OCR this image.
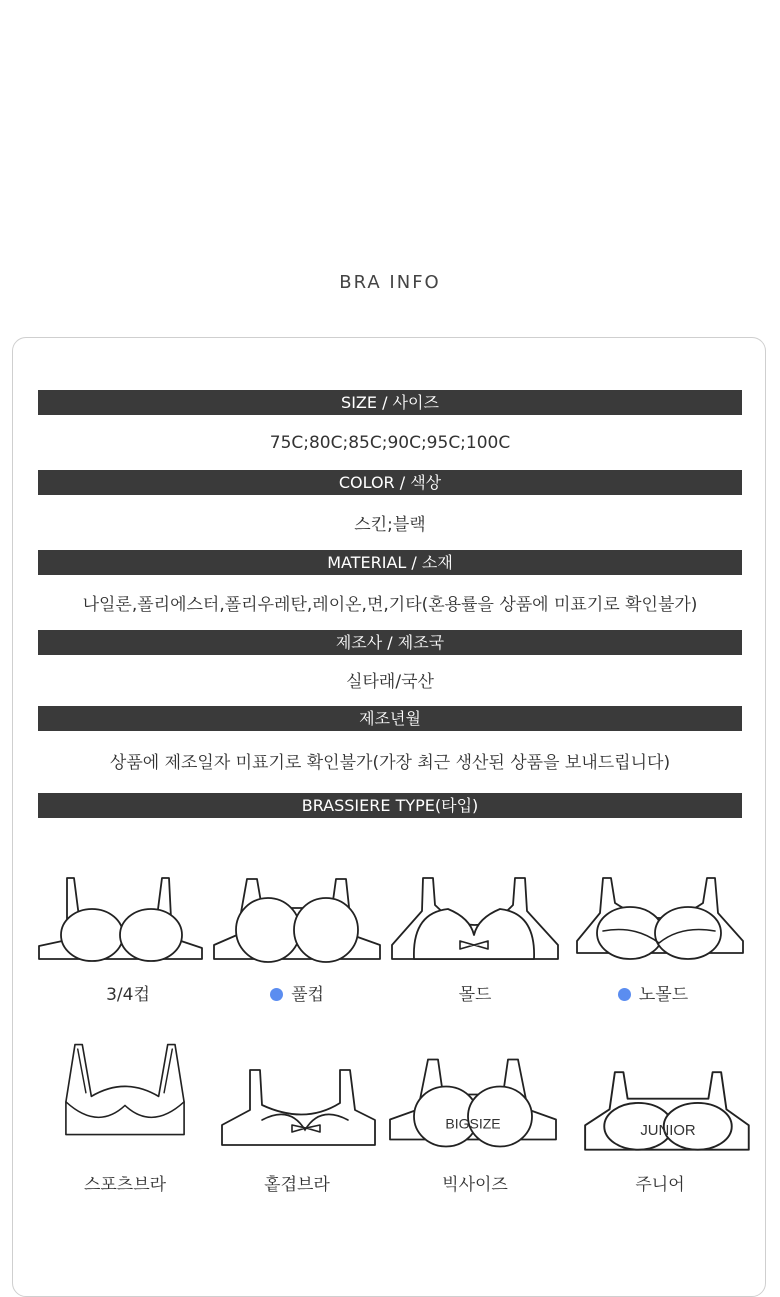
BRA INFO
SIZE / 사이즈
75C;80C;85C;90C;95C;100C
COLOR / 색상
스킨;블랙
MATERIAL / 소재
나일론,폴리에스터,폴리우레탄,레이온,면,기타(혼용률을 상품에 미표기로 확인불가)
제조사 / 제조국
실타래/국산
제조년월
상품에 제조일자 미표기로 확인불가(가장 최근 생산된 상품을 보내드립니다)
BRASSIERE TYPE(타입)
3/4컵	풀컵	몰드	노몰드
BIGSIZE	JUNIOR
스포츠브라	홑겹브라	빅사이즈	주니어
